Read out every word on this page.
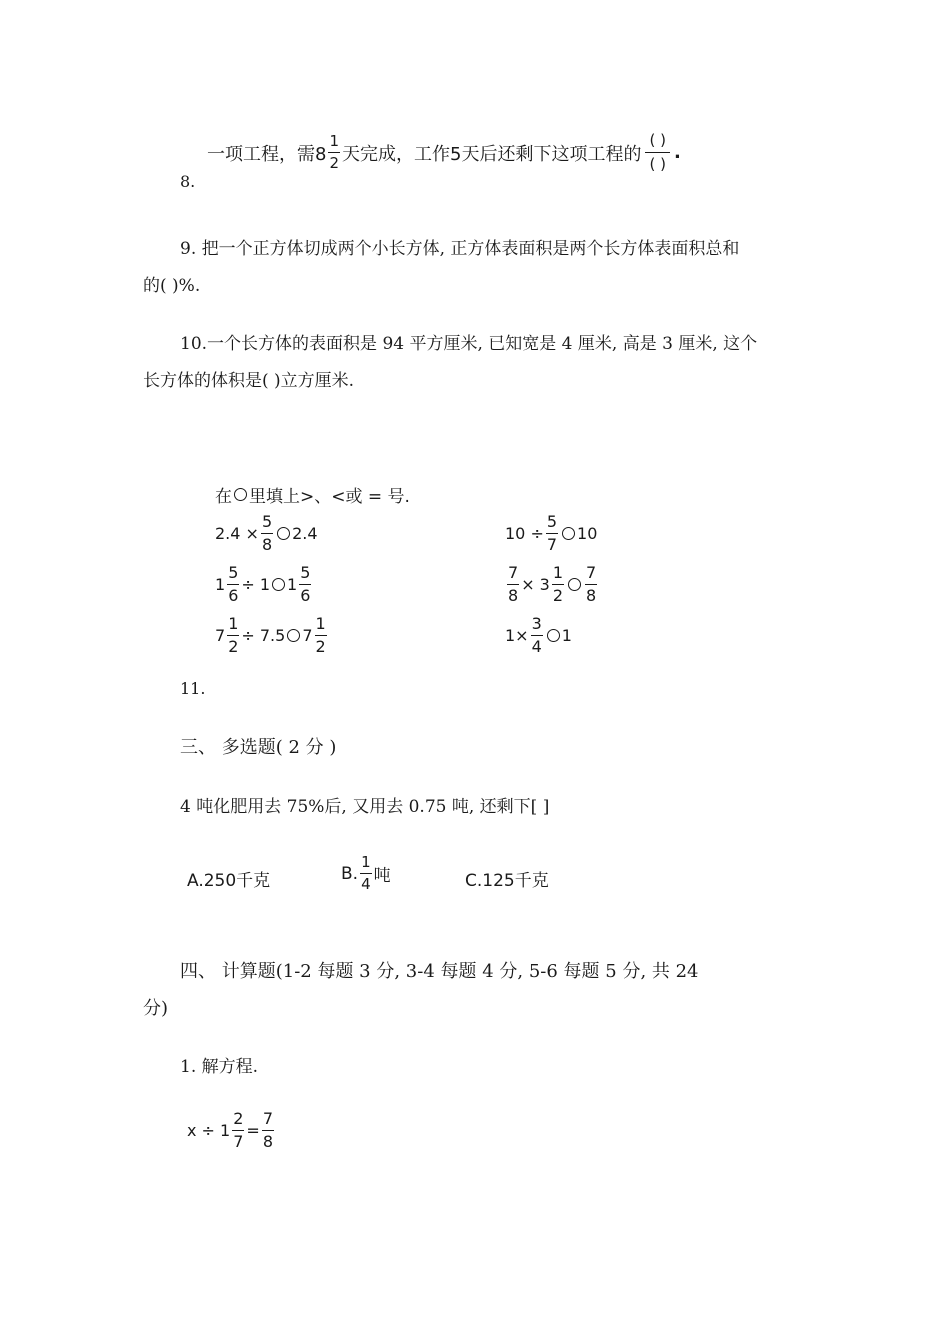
一项工程，需$8 \frac{1}{2}$ 天完成，工作5天后还剩下这项工程的 $\frac{( )}{( )}$ .
8.
9. 把一个正方体切成两个小长方体, 正方体表面积是两个长方体表面积总和
的( )%.
10.一个长方体的表面积是 94 平方厘米, 已知宽是 4 厘米, 高是 3 厘米, 这个
长方体的体积是( )立方厘米.
在 里填上>、<或 = 号.
$2.4 \times \frac{5}{8} 2.4$	$10 \div \frac{5}{7} 10$
$1 \frac{5}{6} \div 1$ $1 \frac{5}{6}$	$\frac{7}{8} \times 3 \frac{1}{2} \frac{7}{8}$
$7 \frac{1}{2} \div 7.5$ $7 \frac{1}{2}$	$1\times \frac{3}{4} 1$
11.
三、 多选题( 2 分 )
4 吨化肥用去 75%后, 又用去 0.75 吨, 还剩下[ ]
A.250千克	B. $\frac{1}{4}$ 吨	C.125千克
四、 计算题(1-2 每题 3 分, 3-4 每题 4 分, 5-6 每题 5 分, 共 24
分)
1. 解方程.
$x \div 1 \frac{2}{7} = \frac{7}{8}$
